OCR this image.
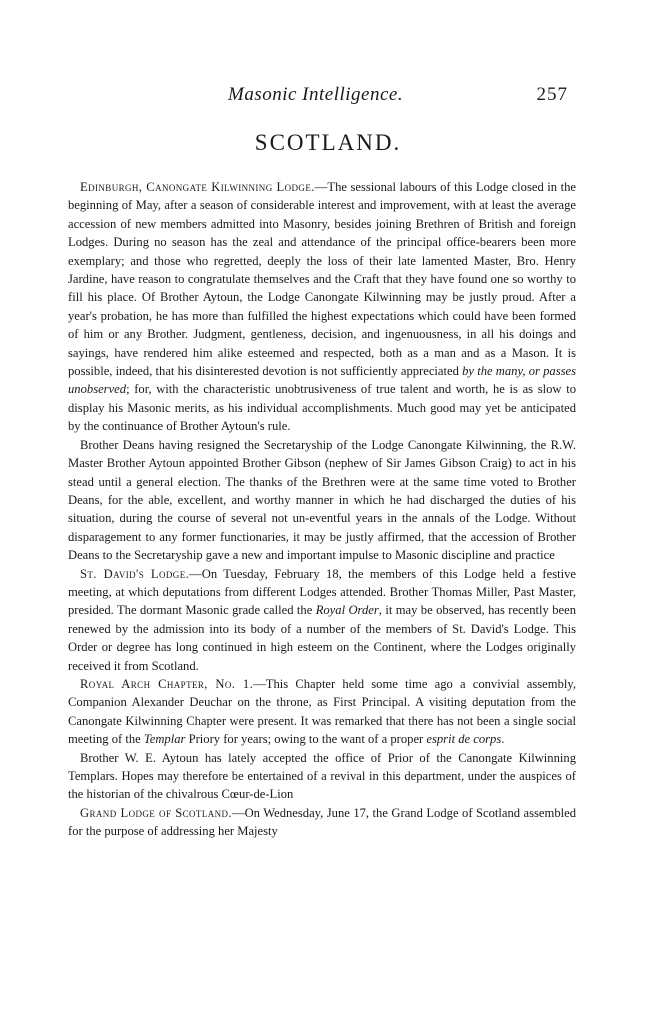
Masonic Intelligence.	257
SCOTLAND.

Edinburgh, Canongate Kilwinning Lodge.—The sessional labours of this Lodge closed in the beginning of May, after a season of considerable interest and improvement, with at least the average accession of new members admitted into Masonry, besides joining Brethren of British and foreign Lodges. During no season has the zeal and attendance of the principal office-bearers been more exemplary; and those who regretted, deeply the loss of their late lamented Master, Bro. Henry Jardine, have reason to congratulate themselves and the Craft that they have found one so worthy to fill his place. Of Brother Aytoun, the Lodge Canongate Kilwinning may be justly proud. After a year's probation, he has more than fulfilled the highest expectations which could have been formed of him or any Brother. Judgment, gentleness, decision, and ingenuousness, in all his doings and sayings, have rendered him alike esteemed and respected, both as a man and as a Mason. It is possible, indeed, that his disinterested devotion is not sufficiently appreciated by the many, or passes unobserved; for, with the characteristic unobtrusiveness of true talent and worth, he is as slow to display his Masonic merits, as his individual accomplishments. Much good may yet be anticipated by the continuance of Brother Aytoun's rule.

Brother Deans having resigned the Secretaryship of the Lodge Canongate Kilwinning, the R.W. Master Brother Aytoun appointed Brother Gibson (nephew of Sir James Gibson Craig) to act in his stead until a general election. The thanks of the Brethren were at the same time voted to Brother Deans, for the able, excellent, and worthy manner in which he had discharged the duties of his situation, during the course of several not un-eventful years in the annals of the Lodge. Without disparagement to any former functionaries, it may be justly affirmed, that the accession of Brother Deans to the Secretaryship gave a new and important impulse to Masonic discipline and practice

St. David's Lodge.—On Tuesday, February 18, the members of this Lodge held a festive meeting, at which deputations from different Lodges attended. Brother Thomas Miller, Past Master, presided. The dormant Masonic grade called the Royal Order, it may be observed, has recently been renewed by the admission into its body of a number of the members of St. David's Lodge. This Order or degree has long continued in high esteem on the Continent, where the Lodges originally received it from Scotland.

Royal Arch Chapter, No. 1.—This Chapter held some time ago a convivial assembly, Companion Alexander Deuchar on the throne, as First Principal. A visiting deputation from the Canongate Kilwinning Chapter were present. It was remarked that there has not been a single social meeting of the Templar Priory for years; owing to the want of a proper esprit de corps.

Brother W. E. Aytoun has lately accepted the office of Prior of the Canongate Kilwinning Templars. Hopes may therefore be entertained of a revival in this department, under the auspices of the historian of the chivalrous Cœur-de-Lion

Grand Lodge of Scotland.—On Wednesday, June 17, the Grand Lodge of Scotland assembled for the purpose of addressing her Majesty
